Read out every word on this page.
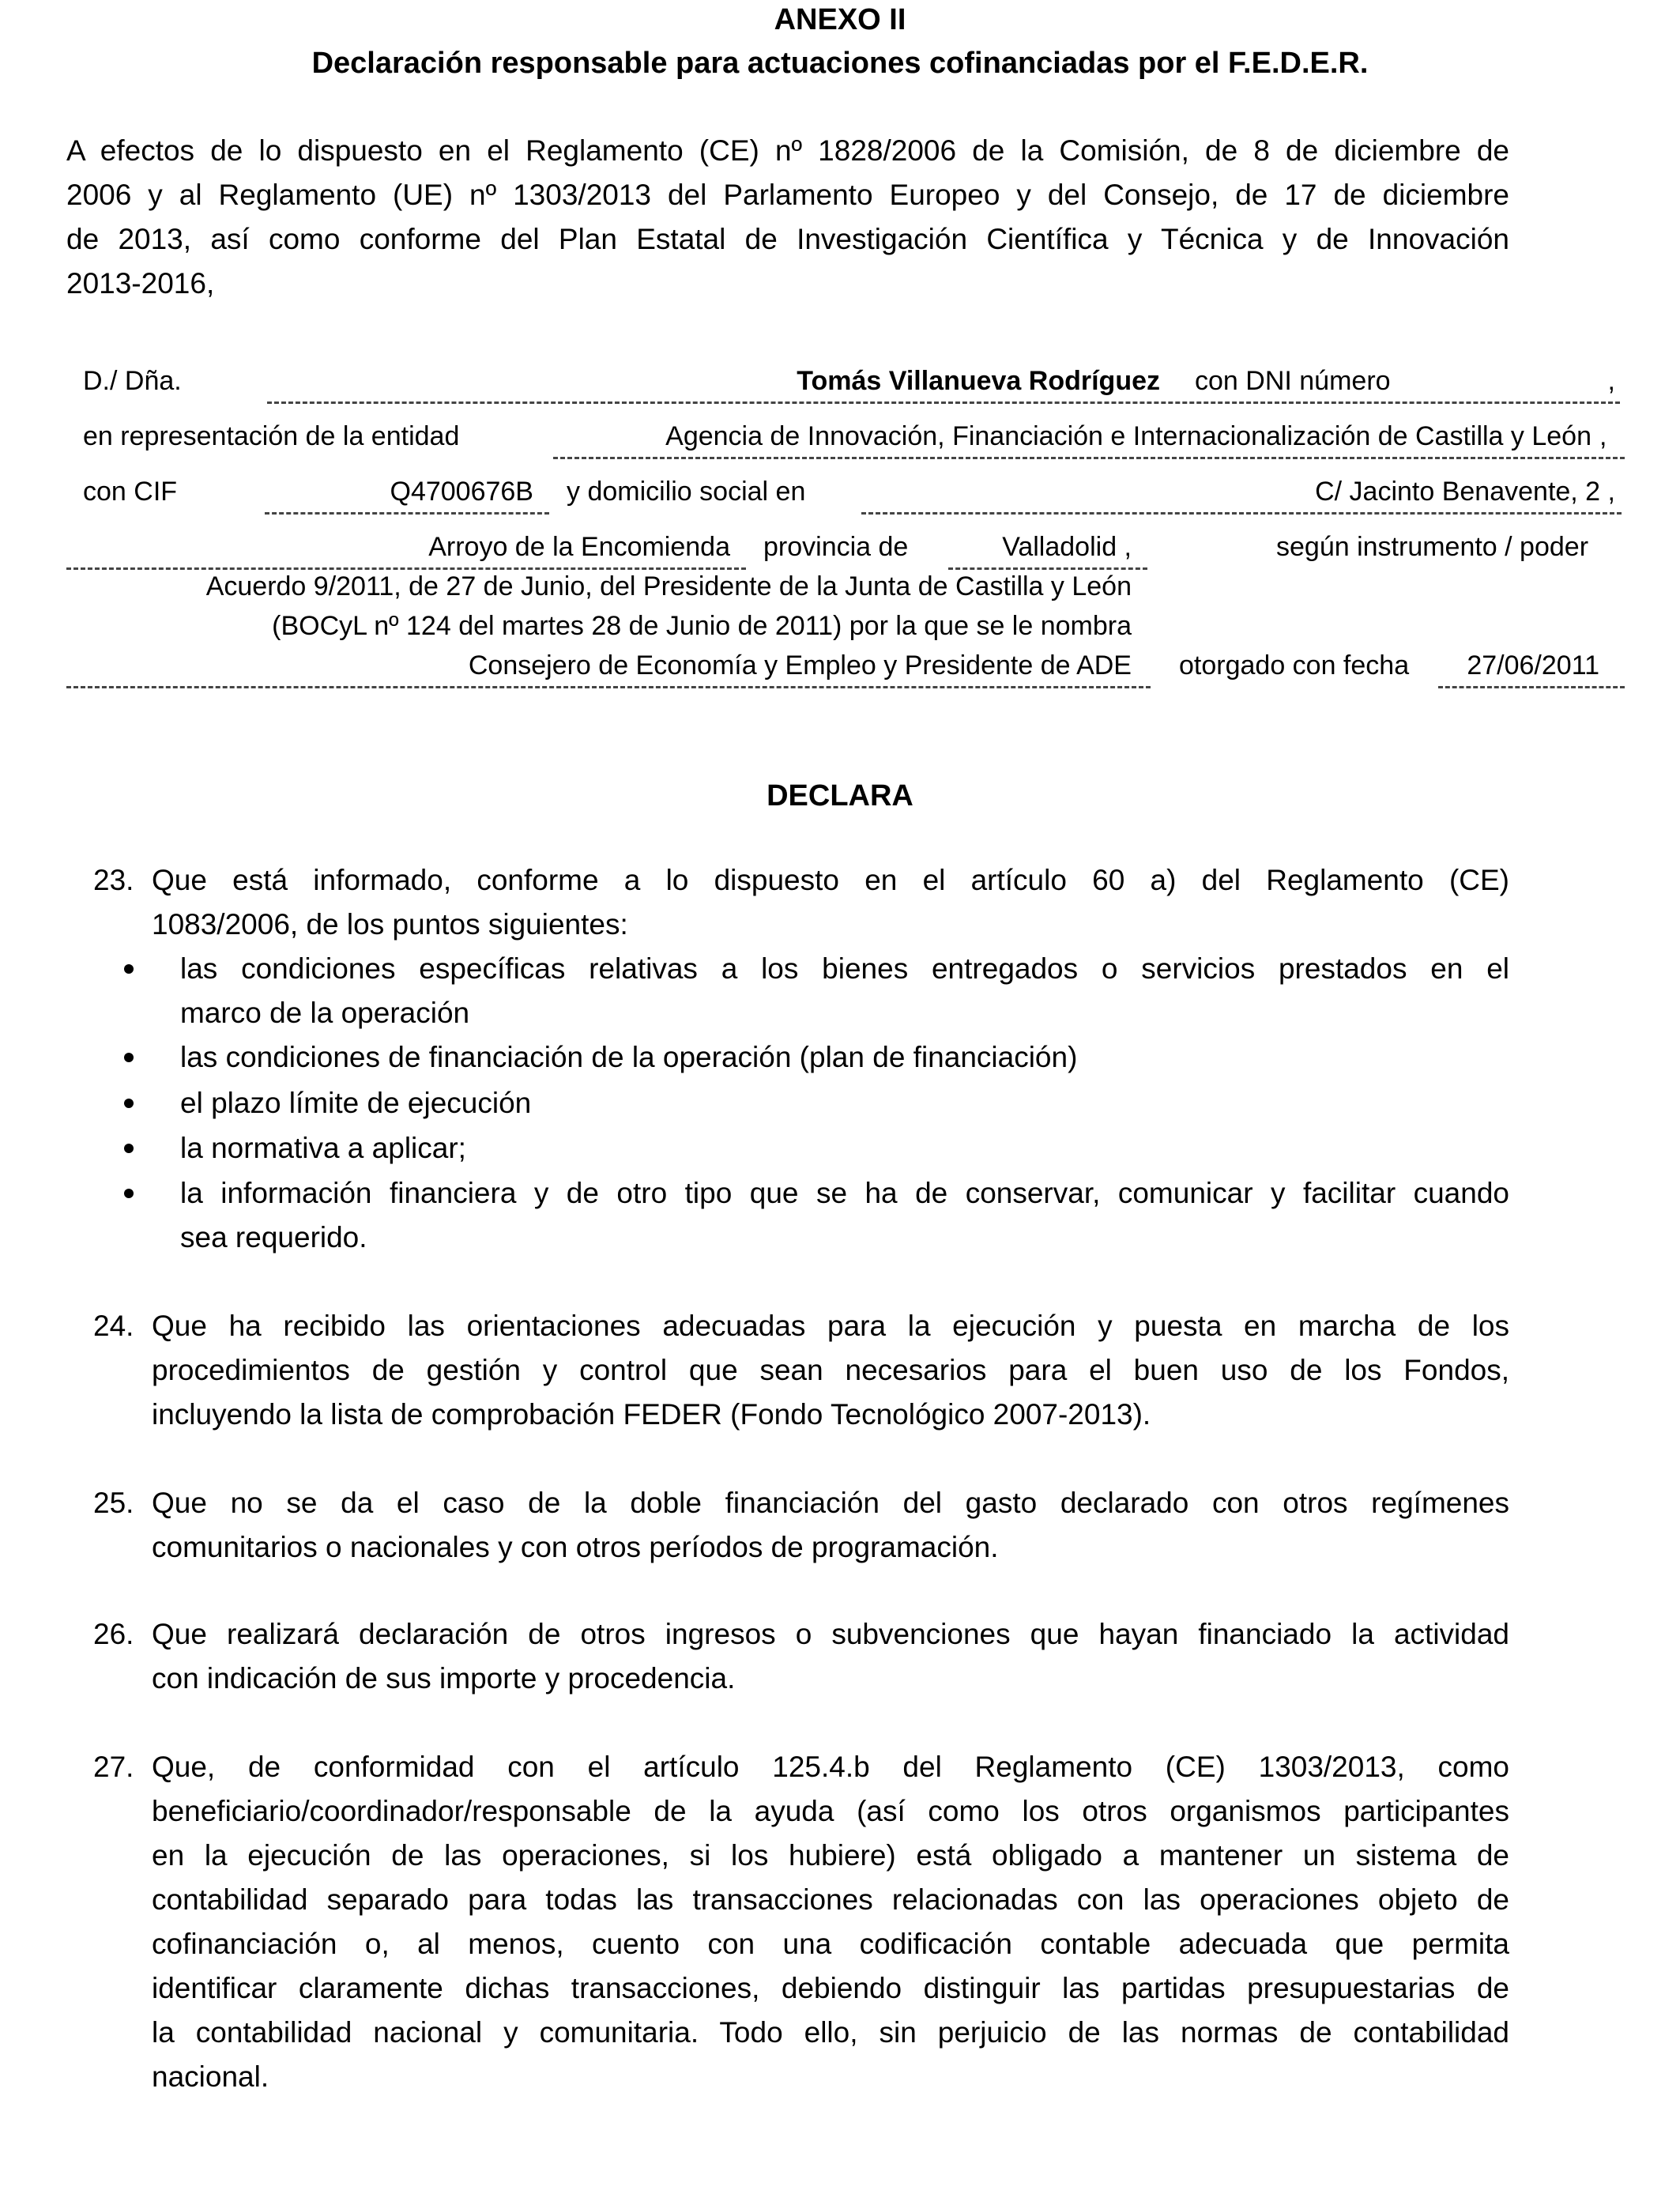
ANEXO II
Declaración responsable para actuaciones cofinanciadas por el F.E.D.E.R.
A efectos de lo dispuesto en el Reglamento (CE) nº 1828/2006 de la Comisión, de 8 de diciembre de
2006 y al Reglamento (UE) nº 1303/2013 del Parlamento Europeo y del Consejo, de 17 de diciembre
de 2013, así como conforme del Plan Estatal de Investigación Científica y Técnica y de Innovación
2013-2016,
D./ Dña.	Tomás Villanueva Rodríguez con DNI número	,
en representación de la entidad	Agencia de Innovación, Financiación e Internacionalización de Castilla y León ,
con CIF	Q4700676B y domicilio social en	C/ Jacinto Benavente, 2 ,
Arroyo de la Encomienda provincia de	Valladolid ,	según instrumento / poder
Acuerdo 9/2011, de 27 de Junio, del Presidente de la Junta de Castilla y León
(BOCyL nº 124 del martes 28 de Junio de 2011) por la que se le nombra
Consejero de Economía y Empleo y Presidente de ADE otorgado con fecha	27/06/2011
DECLARA
23. Que está informado, conforme a lo dispuesto en el artículo 60 a) del Reglamento (CE)
1083/2006, de los puntos siguientes:
las condiciones específicas relativas a los bienes entregados o servicios prestados en el
marco de la operación
las condiciones de financiación de la operación (plan de financiación)
el plazo límite de ejecución
la normativa a aplicar;
la información financiera y de otro tipo que se ha de conservar, comunicar y facilitar cuando
sea requerido.
24. Que ha recibido las orientaciones adecuadas para la ejecución y puesta en marcha de los
procedimientos de gestión y control que sean necesarios para el buen uso de los Fondos,
incluyendo la lista de comprobación FEDER (Fondo Tecnológico 2007-2013).
25. Que no se da el caso de la doble financiación del gasto declarado con otros regímenes
comunitarios o nacionales y con otros períodos de programación.
26. Que realizará declaración de otros ingresos o subvenciones que hayan financiado la actividad
con indicación de sus importe y procedencia.
27. Que, de conformidad con el artículo 125.4.b del Reglamento (CE) 1303/2013, como
beneficiario/coordinador/responsable de la ayuda (así como los otros organismos participantes
en la ejecución de las operaciones, si los hubiere) está obligado a mantener un sistema de
contabilidad separado para todas las transacciones relacionadas con las operaciones objeto de
cofinanciación o, al menos, cuento con una codificación contable adecuada que permita
identificar claramente dichas transacciones, debiendo distinguir las partidas presupuestarias de
la contabilidad nacional y comunitaria. Todo ello, sin perjuicio de las normas de contabilidad
nacional.
